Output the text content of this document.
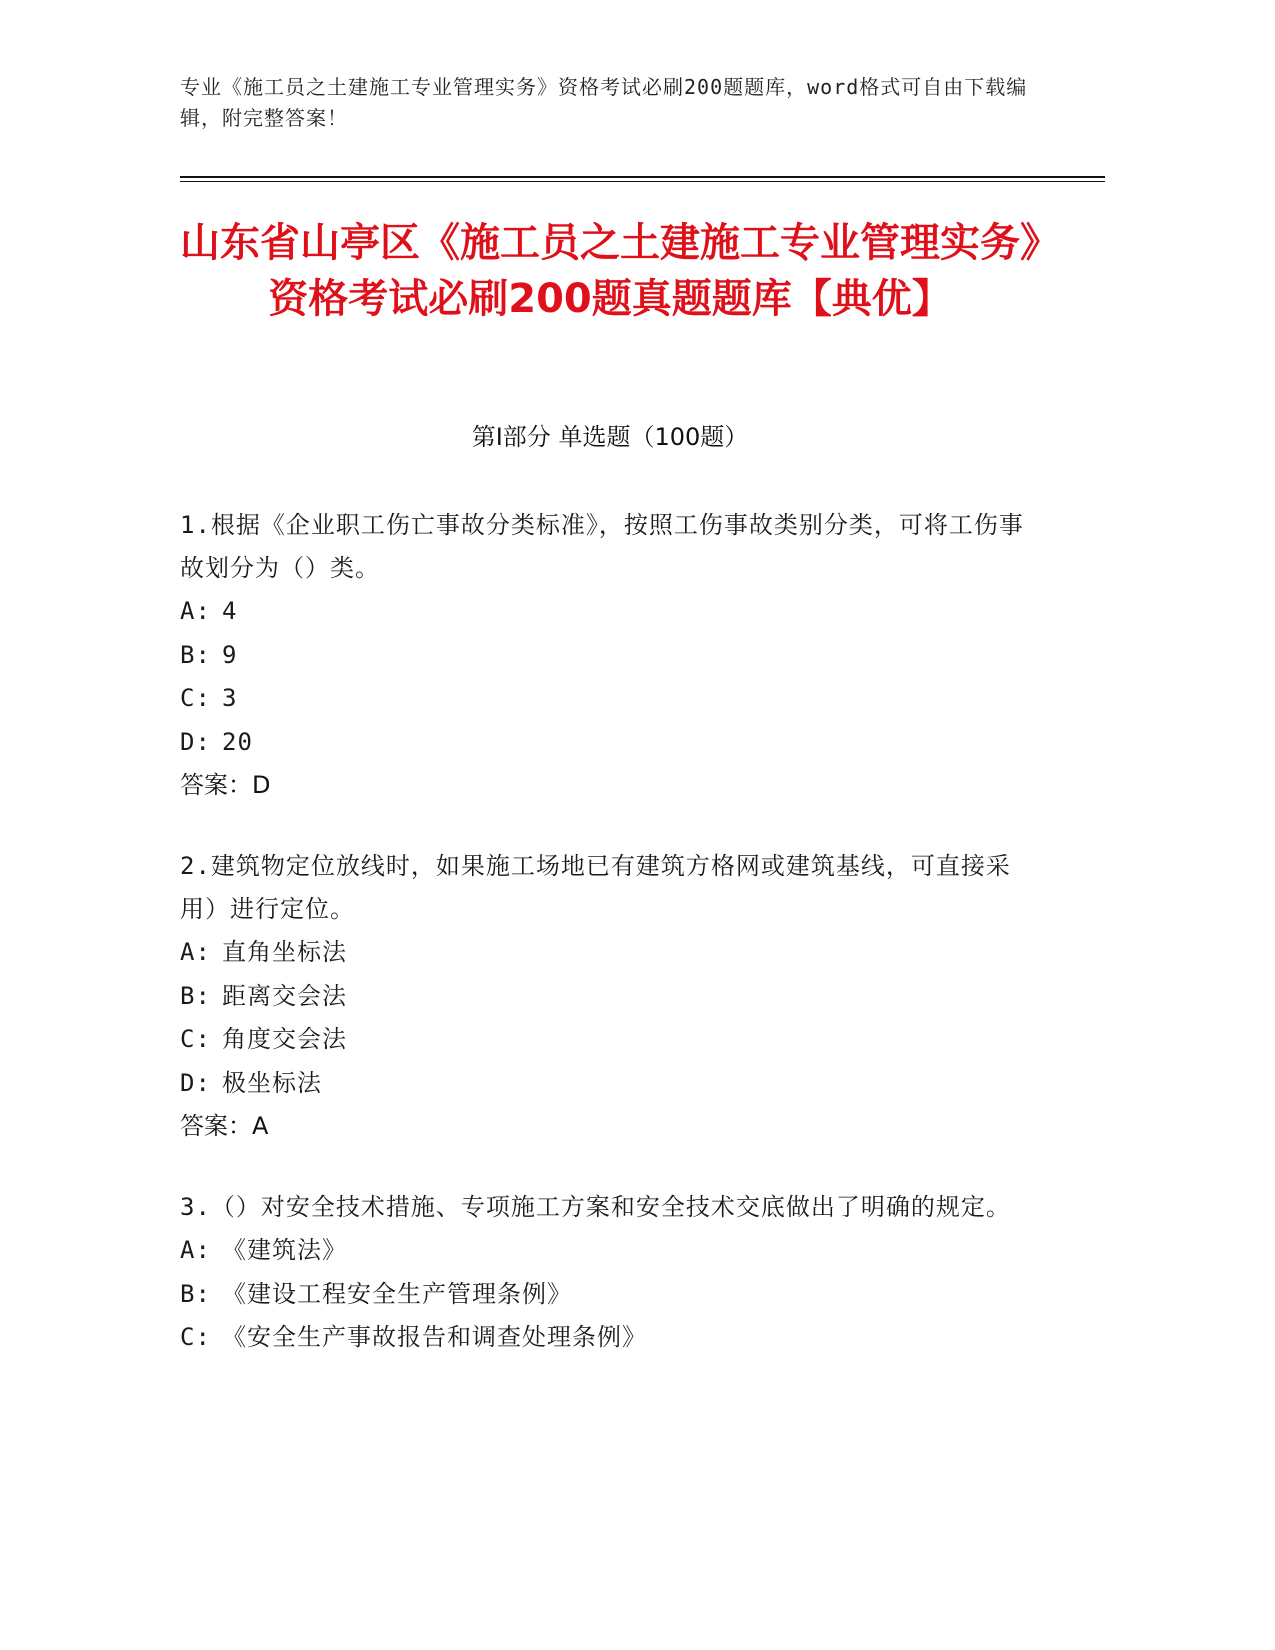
专业《施工员之土建施工专业管理实务》资格考试必刷200题题库，word格式可自由下载编辑，附完整答案！
山东省山亭区《施工员之土建施工专业管理实务》资格考试必刷200题真题题库【典优】
第I部分 单选题（100题）
1.根据《企业职工伤亡事故分类标准》，按照工伤事故类别分类，可将工伤事故划分为（）类。
A: 4
B: 9
C: 3
D: 20
答案：D
2.建筑物定位放线时，如果施工场地已有建筑方格网或建筑基线，可直接采用）进行定位。
A: 直角坐标法
B: 距离交会法
C: 角度交会法
D: 极坐标法
答案：A
3.（）对安全技术措施、专项施工方案和安全技术交底做出了明确的规定。
A: 《建筑法》
B: 《建设工程安全生产管理条例》
C: 《安全生产事故报告和调查处理条例》
